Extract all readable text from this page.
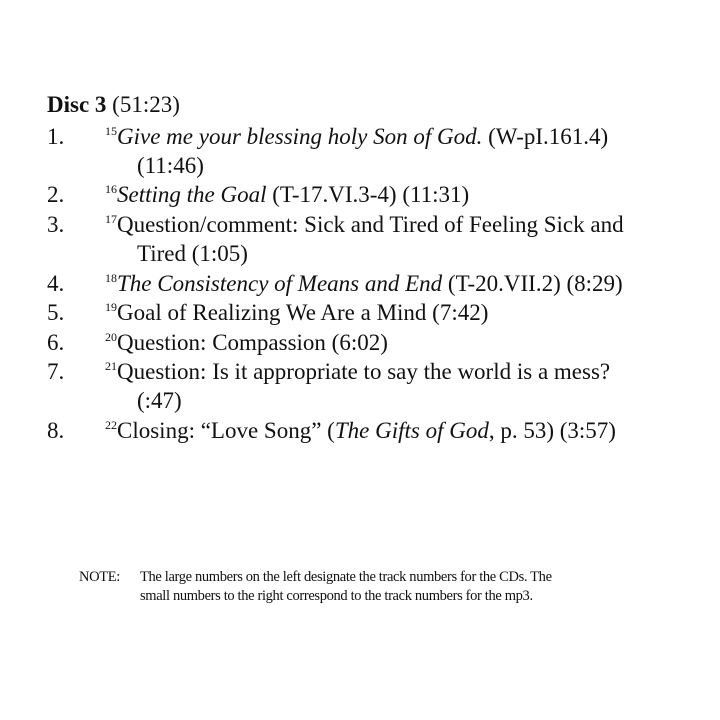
Disc 3 (51:23)
1.	$^{15}$Give me your blessing holy Son of God. (W-pI.161.4)
(11:46)
2.	$^{16}$Setting the Goal (T-17.VI.3-4) (11:31)
3.	$^{17}$Question/comment: Sick and Tired of Feeling Sick and
Tired (1:05)
4.	$^{18}$The Consistency of Means and End (T-20.VII.2) (8:29)
5.	$^{19}$Goal of Realizing We Are a Mind (7:42)
6.	$^{20}$Question: Compassion (6:02)
7.	$^{21}$Question: Is it appropriate to say the world is a mess?
(:47)
8.	$^{22}$Closing: “Love Song” (The Gifts of God, p. 53) (3:57)
NOTE: The large numbers on the left designate the track numbers for the CDs. The
small numbers to the right correspond to the track numbers for the mp3.
